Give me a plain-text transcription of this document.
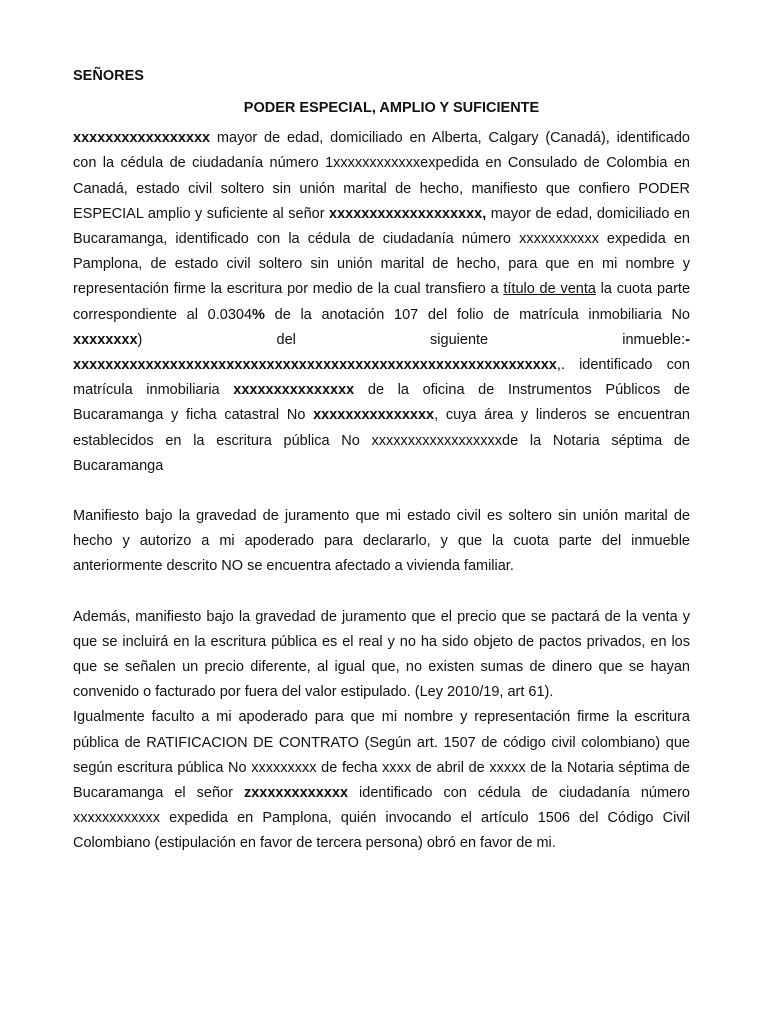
SEÑORES

PODER ESPECIAL, AMPLIO Y SUFICIENTE

xxxxxxxxxxxxxxxxx mayor de edad, domiciliado en Alberta, Calgary (Canadá), identificado con la cédula de ciudadanía número 1xxxxxxxxxxxxexpedida en Consulado de Colombia en Canadá, estado civil soltero sin unión marital de hecho, manifiesto que confiero PODER ESPECIAL amplio y suficiente al señor xxxxxxxxxxxxxxxxxxx, mayor de edad, domiciliado en Bucaramanga, identificado con la cédula de ciudadanía número xxxxxxxxxxx expedida en Pamplona, de estado civil soltero sin unión marital de hecho, para que en mi nombre y representación firme la escritura por medio de la cual transfiero a título de venta la cuota parte correspondiente al 0.0304% de la anotación 107 del folio de matrícula inmobiliaria No xxxxxxxx) del siguiente inmueble:-xxxxxxxxxxxxxxxxxxxxxxxxxxxxxxxxxxxxxxxxxxxxxxxxxxxxxxxxxxxx,. identificado con matrícula inmobiliaria xxxxxxxxxxxxxxx de la oficina de Instrumentos Públicos de Bucaramanga y ficha catastral No xxxxxxxxxxxxxxx, cuya área y linderos se encuentran establecidos en la escritura pública No xxxxxxxxxxxxxxxxxxde la Notaria séptima de Bucaramanga

Manifiesto bajo la gravedad de juramento que mi estado civil es soltero sin unión marital de hecho y autorizo a mi apoderado para declararlo, y que la cuota parte del inmueble anteriormente descrito NO se encuentra afectado a vivienda familiar.

Además, manifiesto bajo la gravedad de juramento que el precio que se pactará de la venta y que se incluirá en la escritura pública es el real y no ha sido objeto de pactos privados, en los que se señalen un precio diferente, al igual que, no existen sumas de dinero que se hayan convenido o facturado por fuera del valor estipulado. (Ley 2010/19, art 61).

Igualmente faculto a mi apoderado para que mi nombre y representación firme la escritura pública de RATIFICACION DE CONTRATO (Según art. 1507 de código civil colombiano) que según escritura pública No xxxxxxxxx de fecha xxxx de abril de xxxxx de la Notaria séptima de Bucaramanga el señor zxxxxxxxxxxxx identificado con cédula de ciudadanía número xxxxxxxxxxxx expedida en Pamplona, quién invocando el artículo 1506 del Código Civil Colombiano (estipulación en favor de tercera persona) obró en favor de mi.
